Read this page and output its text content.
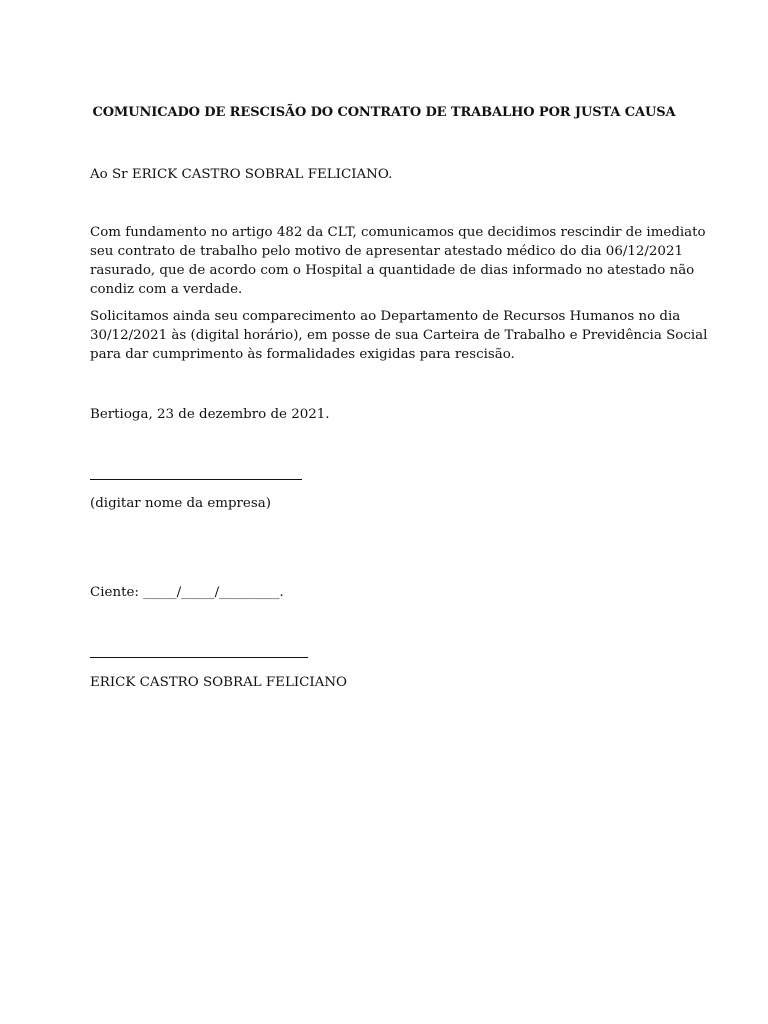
COMUNICADO DE RESCISÃO DO CONTRATO DE TRABALHO POR JUSTA CAUSA
Ao Sr ERICK CASTRO SOBRAL FELICIANO.
Com fundamento no artigo 482 da CLT, comunicamos que decidimos rescindir de imediato
seu contrato de trabalho pelo motivo de apresentar atestado médico do dia 06/12/2021
rasurado, que de acordo com o Hospital a quantidade de dias informado no atestado não
condiz com a verdade.
Solicitamos ainda seu comparecimento ao Departamento de Recursos Humanos no dia
30/12/2021 às (digital horário), em posse de sua Carteira de Trabalho e Previdência Social
para dar cumprimento às formalidades exigidas para rescisão.
Bertioga, 23 de dezembro de 2021.
(digitar nome da empresa)
Ciente: _____/_____/_________.
ERICK CASTRO SOBRAL FELICIANO
